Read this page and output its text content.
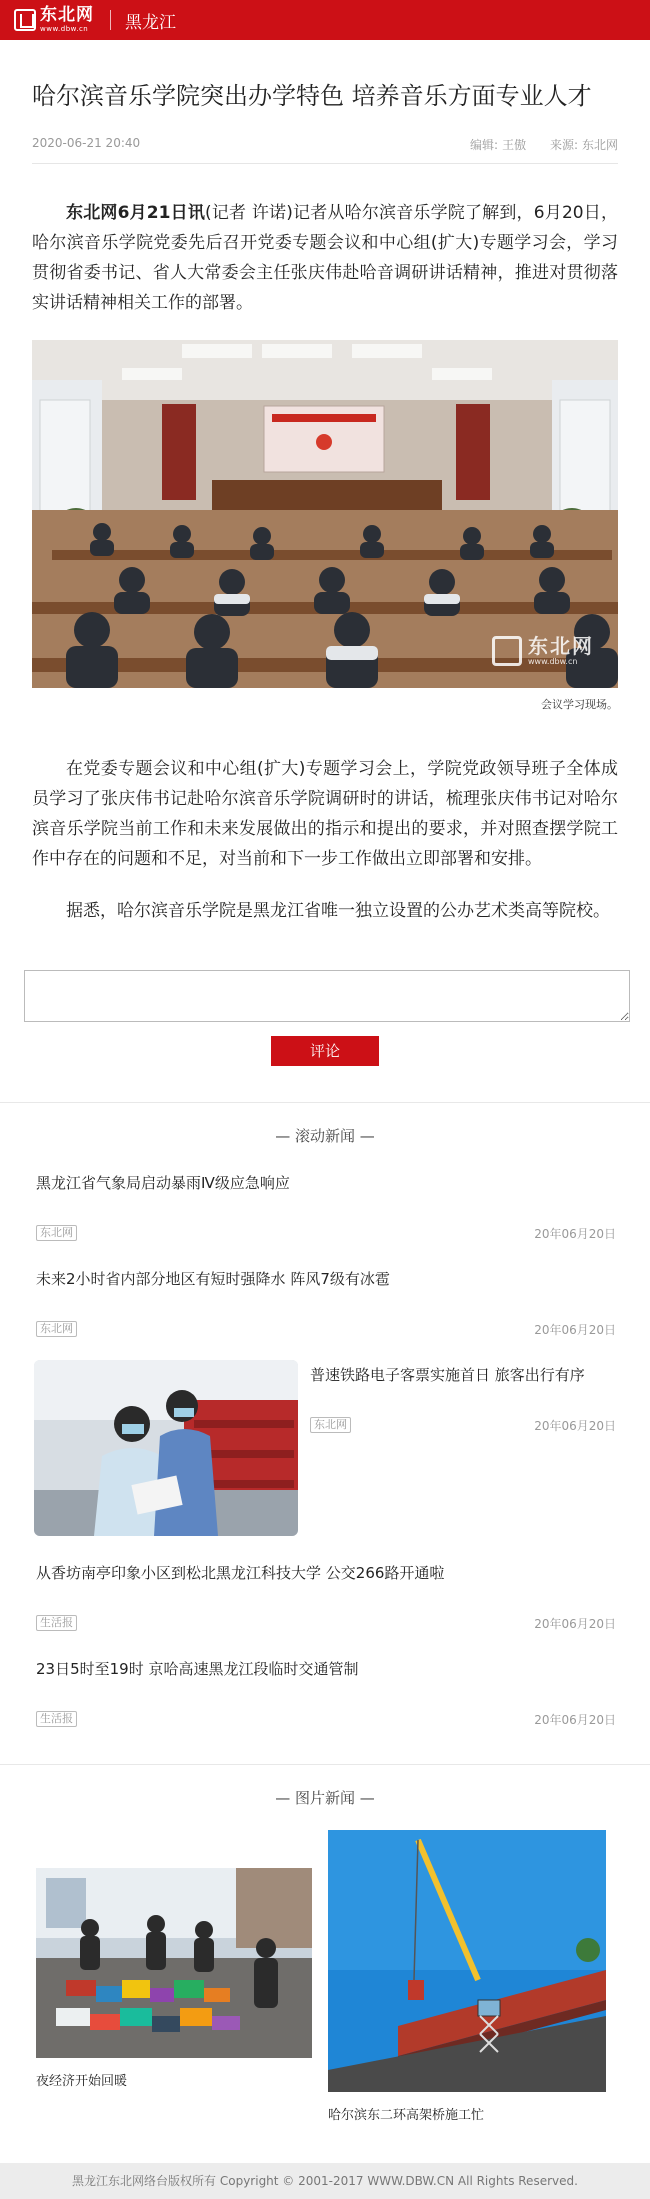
东北网
www.dbw.cn	黑龙江
哈尔滨音乐学院突出办学特色 培养音乐方面专业人才
2020-06-21 20:40	编辑: 王傲 来源: 东北网

东北网6月21日讯(记者 许诺)记者从哈尔滨音乐学院了解到，6月20日，哈尔滨音乐学院党委先后召开党委专题会议和中心组(扩大)专题学习会，学习贯彻省委书记、省人大常委会主任张庆伟赴哈音调研讲话精神，推进对贯彻落实讲话精神相关工作的部署。

东北网
www.dbw.cn
会议学习现场。

在党委专题会议和中心组(扩大)专题学习会上，学院党政领导班子全体成员学习了张庆伟书记赴哈尔滨音乐学院调研时的讲话，梳理张庆伟书记对哈尔滨音乐学院当前工作和未来发展做出的指示和提出的要求，并对照查摆学院工作中存在的问题和不足，对当前和下一步工作做出立即部署和安排。

据悉，哈尔滨音乐学院是黑龙江省唯一独立设置的公办艺术类高等院校。

评论
— 滚动新闻 —
黑龙江省气象局启动暴雨Ⅳ级应急响应
东北网	20年06月20日
未来2小时省内部分地区有短时强降水 阵风7级有冰雹
东北网	20年06月20日
普速铁路电子客票实施首日 旅客出行有序
东北网	20年06月20日
从香坊南亭印象小区到松北黑龙江科技大学 公交266路开通啦
生活报	20年06月20日
23日5时至19时 京哈高速黑龙江段临时交通管制
生活报	20年06月20日
— 图片新闻 —
夜经济开始回暖
哈尔滨东二环高架桥施工忙
黑龙江东北网络台版权所有 Copyright © 2001-2017 WWW.DBW.CN All Rights Reserved.
